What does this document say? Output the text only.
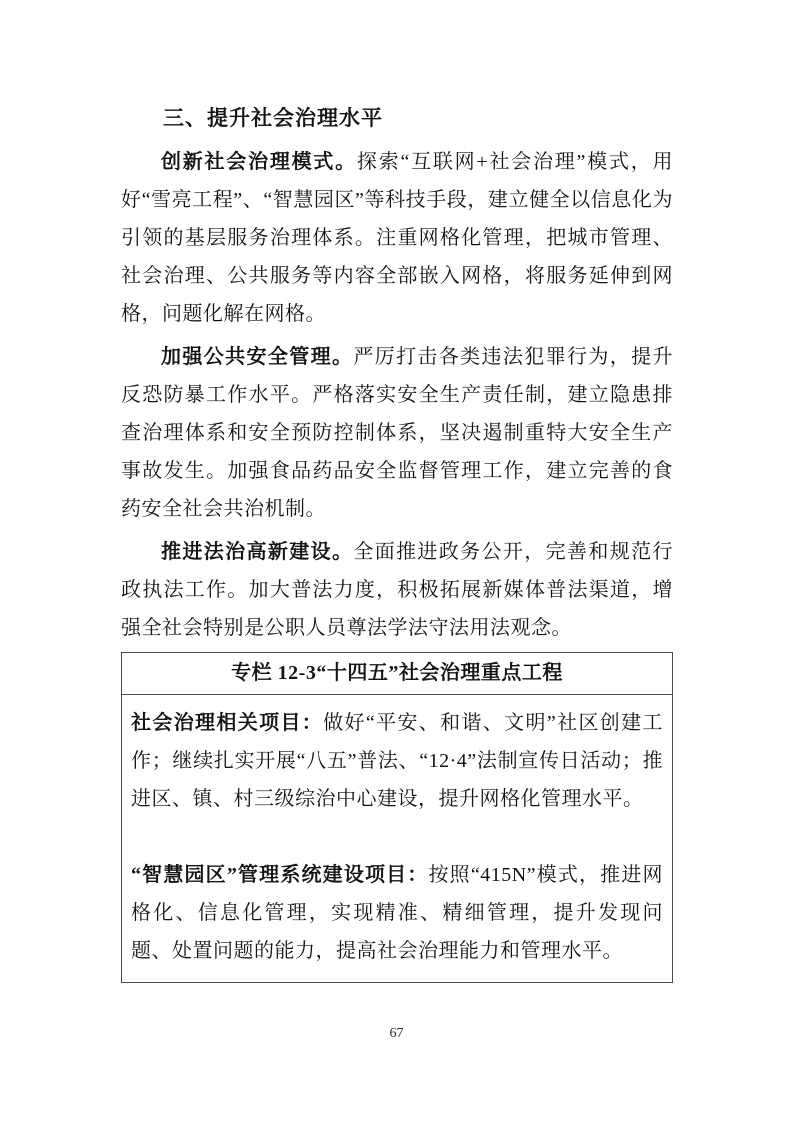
三、提升社会治理水平

创新社会治理模式。探索“互联网+社会治理”模式，用好“雪亮工程”、“智慧园区”等科技手段，建立健全以信息化为引领的基层服务治理体系。注重网格化管理，把城市管理、社会治理、公共服务等内容全部嵌入网格，将服务延伸到网格，问题化解在网格。

加强公共安全管理。严厉打击各类违法犯罪行为，提升反恐防暴工作水平。严格落实安全生产责任制，建立隐患排查治理体系和安全预防控制体系，坚决遏制重特大安全生产事故发生。加强食品药品安全监督管理工作，建立完善的食药安全社会共治机制。

推进法治高新建设。全面推进政务公开，完善和规范行政执法工作。加大普法力度，积极拓展新媒体普法渠道，增强全社会特别是公职人员尊法学法守法用法观念。

专栏 12-3“十四五”社会治理重点工程
社会治理相关项目：做好“平安、和谐、文明”社区创建工作；继续扎实开展“八五”普法、“12·4”法制宣传日活动；推进区、镇、村三级综治中心建设，提升网格化管理水平。
“智慧园区”管理系统建设项目：按照“415N”模式，推进网格化、信息化管理，实现精准、精细管理，提升发现问题、处置问题的能力，提高社会治理能力和管理水平。
67
